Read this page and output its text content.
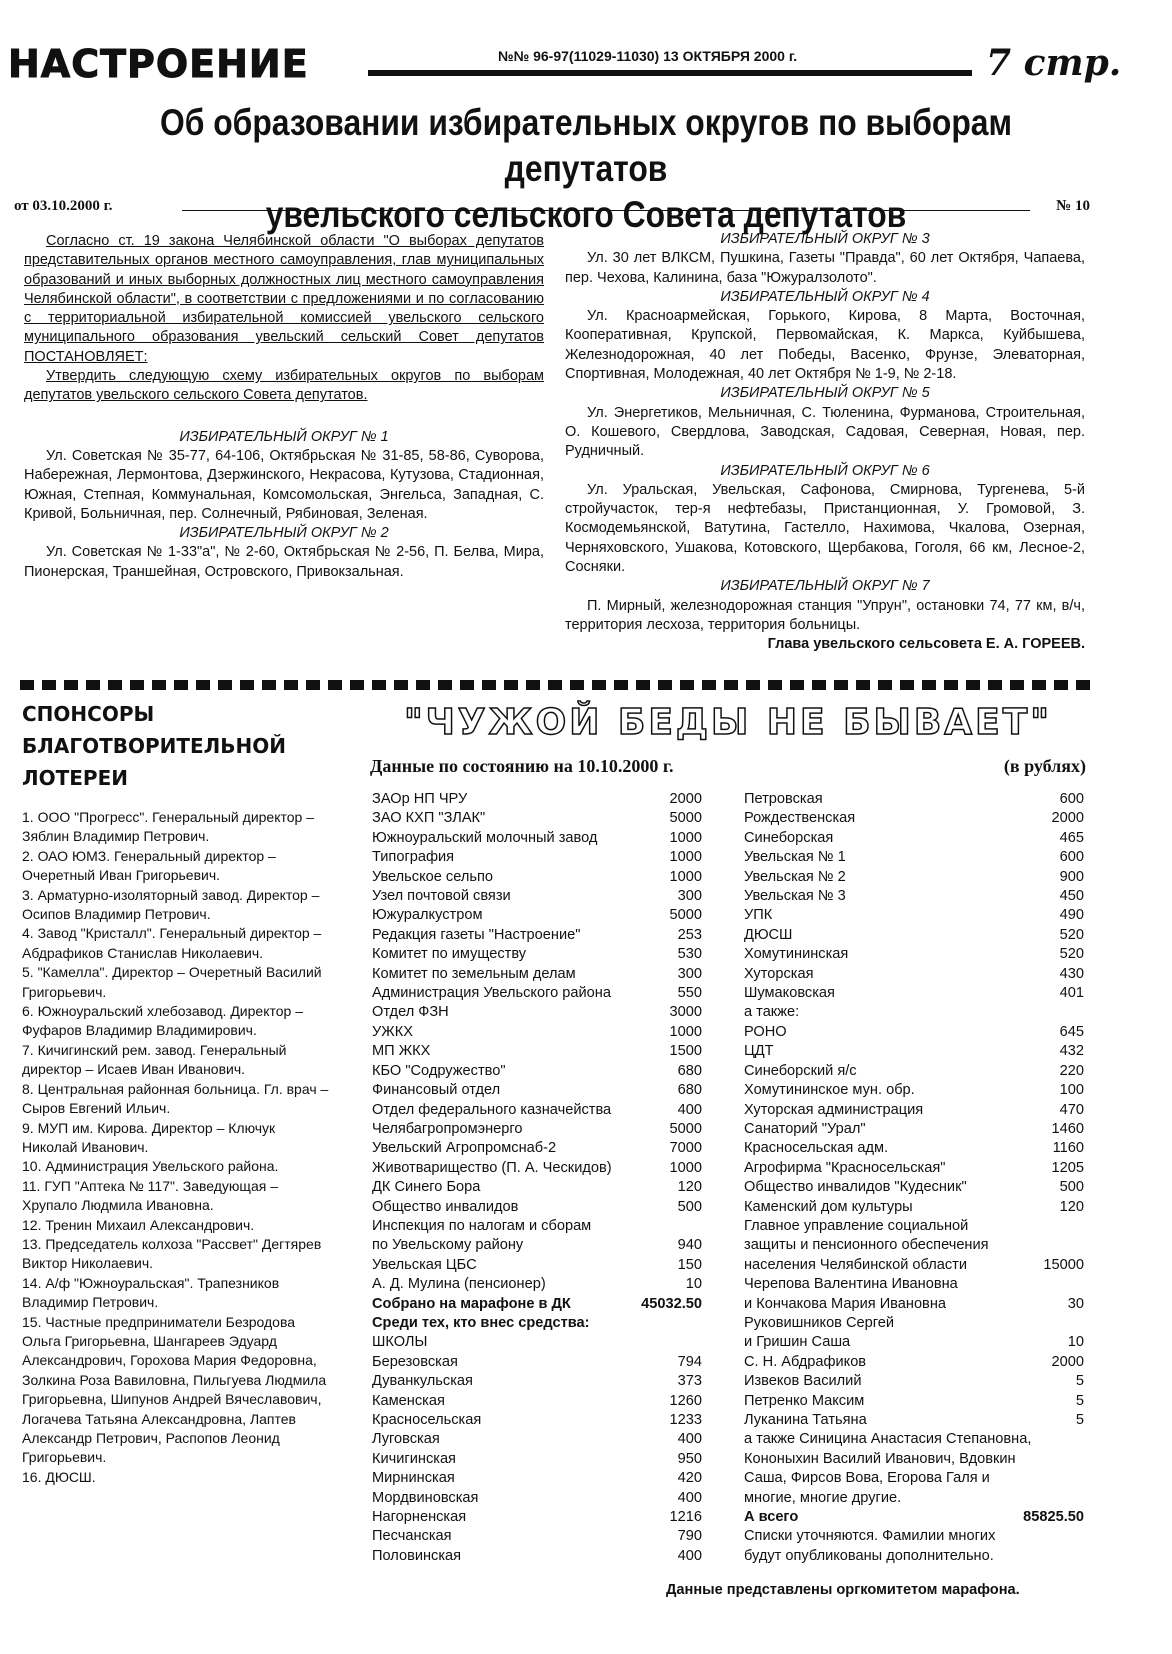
НАСТРОЕНИЕ	№№ 96-97(11029-11030) 13 ОКТЯБРЯ 2000 г.	7 стр.
Об образовании избирательных округов по выборам депутатов
увельского сельского Совета депутатов
от 03.10.2000 г.	№ 10

Согласно ст. 19 закона Челябинской области "О выборах депутатов представительных органов местного самоуправления, глав муниципальных образований и иных выборных должностных лиц местного самоуправления Челябинской области", в соответствии с предложениями и по согласованию с территориальной избирательной комиссией увельского сельского муниципального образования увельский сельский Совет депутатов ПОСТАНОВЛЯЕТ:

Утвердить следующую схему избирательных округов по выборам депутатов увельского сельского Совета депутатов.

ИЗБИРАТЕЛЬНЫЙ ОКРУГ № 1

Ул. Советская № 35-77, 64-106, Октябрьская № 31-85, 58-86, Суворова, Набережная, Лермонтова, Дзержинского, Некрасова, Кутузова, Стадионная, Южная, Степная, Коммунальная, Комсомольская, Энгельса, Западная, С. Кривой, Больничная, пер. Солнечный, Рябиновая, Зеленая.

ИЗБИРАТЕЛЬНЫЙ ОКРУГ № 2

Ул. Советская № 1-33"а", № 2-60, Октябрьская № 2-56, П. Белва, Мира, Пионерская, Траншейная, Островского, Привокзальная.

ИЗБИРАТЕЛЬНЫЙ ОКРУГ № 3

Ул. 30 лет ВЛКСМ, Пушкина, Газеты "Правда", 60 лет Октября, Чапаева, пер. Чехова, Калинина, база "Южуралзолото".

ИЗБИРАТЕЛЬНЫЙ ОКРУГ № 4

Ул. Красноармейская, Горького, Кирова, 8 Марта, Восточная, Кооперативная, Крупской, Первомайская, К. Маркса, Куйбышева, Железнодорожная, 40 лет Победы, Васенко, Фрунзе, Элеваторная, Спортивная, Молодежная, 40 лет Октября № 1-9, № 2-18.

ИЗБИРАТЕЛЬНЫЙ ОКРУГ № 5

Ул. Энергетиков, Мельничная, С. Тюленина, Фурманова, Строительная, О. Кошевого, Свердлова, Заводская, Садовая, Северная, Новая, пер. Рудничный.

ИЗБИРАТЕЛЬНЫЙ ОКРУГ № 6

Ул. Уральская, Увельская, Сафонова, Смирнова, Тургенева, 5-й стройучасток, тер-я нефтебазы, Пристанционная, У. Громовой, З. Космодемьянской, Ватутина, Гастелло, Нахимова, Чкалова, Озерная, Черняховского, Ушакова, Котовского, Щербакова, Гоголя, 66 км, Лесное-2, Сосняки.

ИЗБИРАТЕЛЬНЫЙ ОКРУГ № 7

П. Мирный, железнодорожная станция "Упрун", остановки 74, 77 км, в/ч, территория лесхоза, территория больницы.

Глава увельского сельсовета Е. А. ГОРЕЕВ.

СПОНСОРЫ
БЛАГОТВОРИТЕЛЬНОЙ
ЛОТЕРЕИ
1. ООО "Прогресс". Генеральный директор – Зяблин Владимир Петрович.
2. ОАО ЮМЗ. Генеральный директор – Очеретный Иван Григорьевич.
3. Арматурно-изоляторный завод. Директор – Осипов Владимир Петрович.
4. Завод "Кристалл". Генеральный директор – Абдрафиков Станислав Николаевич.
5. "Камелла". Директор – Очеретный Василий Григорьевич.
6. Южноуральский хлебозавод. Директор – Фуфаров Владимир Владимирович.
7. Кичигинский рем. завод. Генеральный директор – Исаев Иван Иванович.
8. Центральная районная больница. Гл. врач – Сыров Евгений Ильич.
9. МУП им. Кирова. Директор – Ключук Николай Иванович.
10. Администрация Увельского района.
11. ГУП "Аптека № 117". Заведующая – Хрупало Людмила Ивановна.
12. Тренин Михаил Александрович.
13. Председатель колхоза "Рассвет" Дегтярев Виктор Николаевич.
14. А/ф "Южноуральская". Трапезников Владимир Петрович.
15. Частные предприниматели Безродова Ольга Григорьевна, Шангареев Эдуард Александрович, Горохова Мария Федоровна, Золкина Роза Вавиловна, Пильгуева Людмила Григорьевна, Шипунов Андрей Вячеславович, Логачева Татьяна Александровна, Лаптев Александр Петрович, Распопов Леонид Григорьевич.
16. ДЮСШ.
"ЧУЖОЙ БЕДЫ НЕ БЫВАЕТ"
Данные по состоянию на 10.10.2000 г.	(в рублях)
ЗАОр НП ЧРУ	2000
ЗАО КХП "ЗЛАК"	5000
Южноуральский молочный завод	1000
Типография	1000
Увельское сельпо	1000
Узел почтовой связи	300
Южуралкустром	5000
Редакция газеты "Настроение"	253
Комитет по имуществу	530
Комитет по земельным делам	300
Администрация Увельского района	550
Отдел ФЗН	3000
УЖКХ	1000
МП ЖКХ	1500
КБО "Содружество"	680
Финансовый отдел	680
Отдел федерального казначейства	400
Челябагропромэнерго	5000
Увельский Агропромснаб-2	7000
Животварищество (П. А. Ческидов)	1000
ДК Синего Бора	120
Общество инвалидов	500
Инспекция по налогам и сборам
по Увельскому району	940
Увельская ЦБС	150
А. Д. Мулина (пенсионер)	10
Собрано на марафоне в ДК	45032.50
Среди тех, кто внес средства:
ШКОЛЫ
Березовская	794
Дуванкульская	373
Каменская	1260
Красносельская	1233
Луговская	400
Кичигинская	950
Мирнинская	420
Мордвиновская	400
Нагорненская	1216
Песчанская	790
Половинская	400
Петровская	600
Рождественская	2000
Синеборская	465
Увельская № 1	600
Увельская № 2	900
Увельская № 3	450
УПК	490
ДЮСШ	520
Хомутининская	520
Хуторская	430
Шумаковская	401
а также:
РОНО	645
ЦДТ	432
Синеборский я/с	220
Хомутининское мун. обр.	100
Хуторская администрация	470
Санаторий "Урал"	1460
Красносельская адм.	1160
Агрофирма "Красносельская"	1205
Общество инвалидов "Кудесник"	500
Каменский дом культуры	120
Главное управление социальной
защиты и пенсионного обеспечения
населения Челябинской области	15000
Черепова Валентина Ивановна
и Кончакова Мария Ивановна	30
Руковишников Сергей
и Гришин Саша	10
С. Н. Абдрафиков	2000
Извеков Василий	5
Петренко Максим	5
Луканина Татьяна	5
а также Синицина Анастасия Степановна, Кононыхин Василий Иванович, Вдовкин Саша, Фирсов Вова, Егорова Галя и многие, многие другие.
А всего	85825.50
Списки уточняются. Фамилии многих будут опубликованы дополнительно.
Данные представлены оргкомитетом марафона.
